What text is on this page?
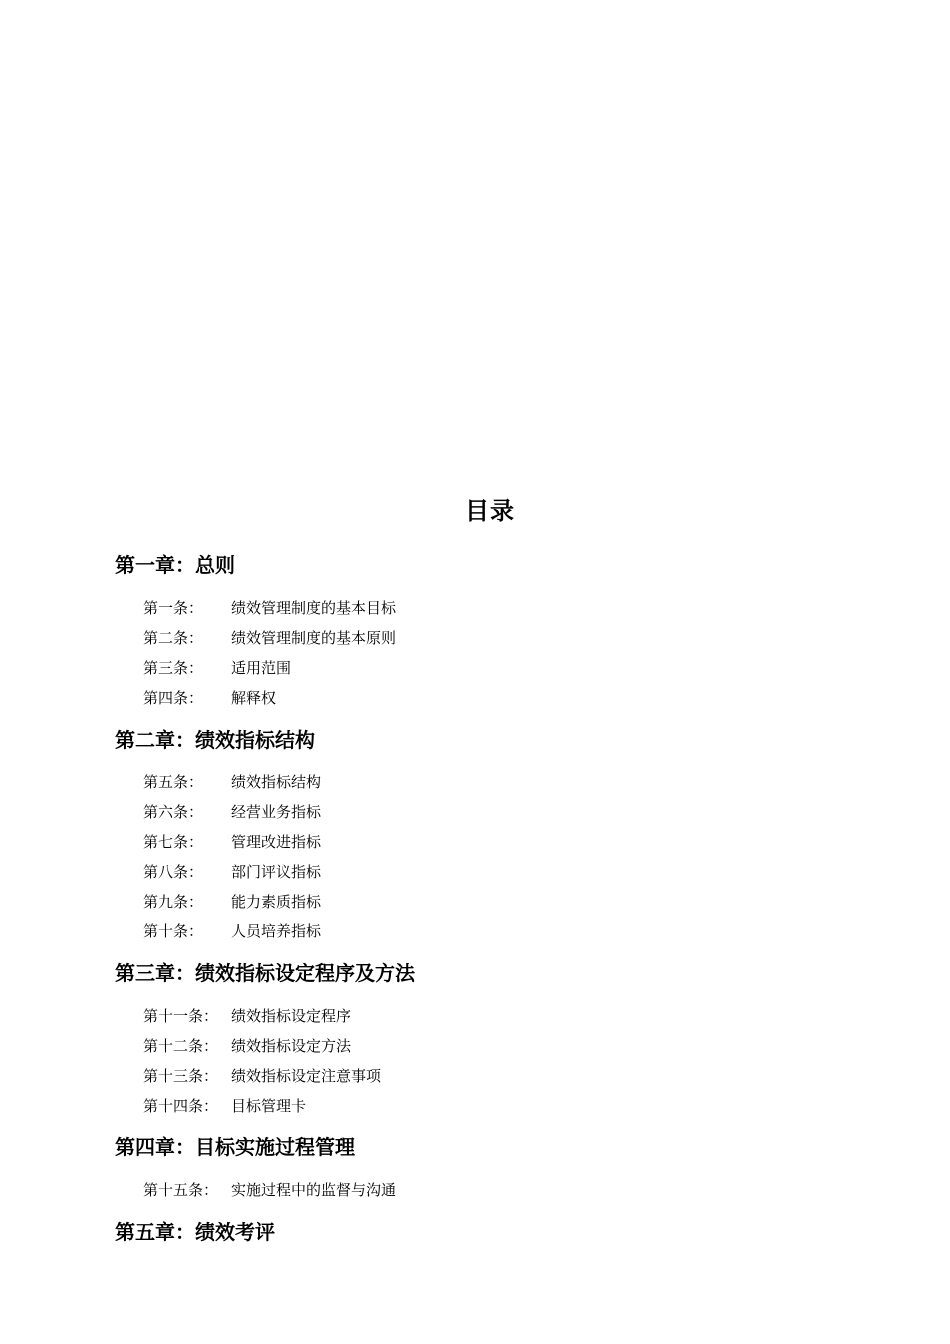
目录
第一章：总则
第一条： 绩效管理制度的基本目标
第二条： 绩效管理制度的基本原则
第三条： 适用范围
第四条： 解释权
第二章：绩效指标结构
第五条： 绩效指标结构
第六条： 经营业务指标
第七条： 管理改进指标
第八条： 部门评议指标
第九条： 能力素质指标
第十条： 人员培养指标
第三章：绩效指标设定程序及方法
第十一条： 绩效指标设定程序
第十二条： 绩效指标设定方法
第十三条： 绩效指标设定注意事项
第十四条： 目标管理卡
第四章：目标实施过程管理
第十五条： 实施过程中的监督与沟通
第五章：绩效考评
